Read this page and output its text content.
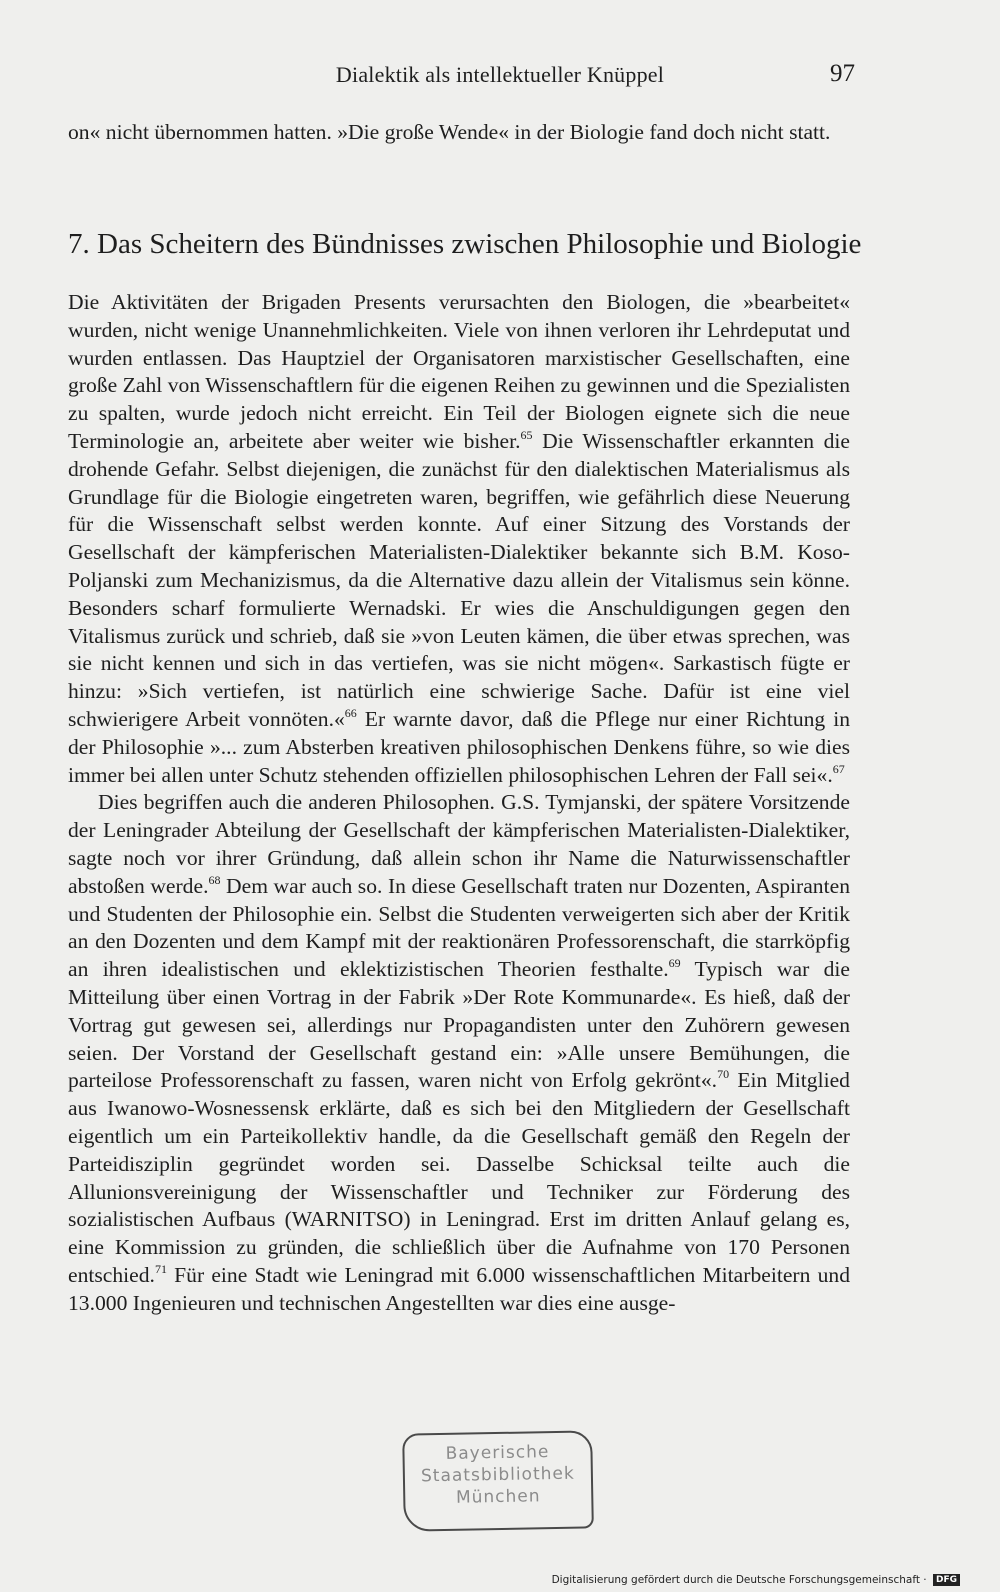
Dialektik als intellektueller Knüppel	97

on« nicht übernommen hatten. »Die große Wende« in der Biologie fand doch nicht statt.

7. Das Scheitern des Bündnisses zwischen Philosophie und Biologie

Die Aktivitäten der Brigaden Presents verursachten den Biologen, die »bearbeitet« wurden, nicht wenige Unannehmlichkeiten. Viele von ihnen verloren ihr Lehrdeputat und wurden entlassen. Das Hauptziel der Organisatoren marxistischer Gesellschaften, eine große Zahl von Wissenschaftlern für die eigenen Reihen zu gewinnen und die Spezialisten zu spalten, wurde jedoch nicht erreicht. Ein Teil der Biologen eignete sich die neue Terminologie an, arbeitete aber weiter wie bisher.$^{65}$ Die Wissenschaftler erkannten die drohende Gefahr. Selbst diejenigen, die zunächst für den dialektischen Materialismus als Grundlage für die Biologie eingetreten waren, begriffen, wie gefährlich diese Neuerung für die Wissenschaft selbst werden konnte. Auf einer Sitzung des Vorstands der Gesellschaft der kämpferischen Materialisten-Dialektiker bekannte sich B.M. Koso-Poljanski zum Mechanizismus, da die Alternative dazu allein der Vitalismus sein könne. Besonders scharf formulierte Wernadski. Er wies die Anschuldigungen gegen den Vitalismus zurück und schrieb, daß sie »von Leuten kämen, die über etwas sprechen, was sie nicht kennen und sich in das vertiefen, was sie nicht mögen«. Sarkastisch fügte er hinzu: »Sich vertiefen, ist natürlich eine schwierige Sache. Dafür ist eine viel schwierigere Arbeit vonnöten.«$^{66}$ Er warnte davor, daß die Pflege nur einer Richtung in der Philosophie »... zum Absterben kreativen philosophischen Denkens führe, so wie dies immer bei allen unter Schutz stehenden offiziellen philosophischen Lehren der Fall sei«.$^{67}$

Dies begriffen auch die anderen Philosophen. G.S. Tymjanski, der spätere Vorsitzende der Leningrader Abteilung der Gesellschaft der kämpferischen Materialisten-Dialektiker, sagte noch vor ihrer Gründung, daß allein schon ihr Name die Naturwissenschaftler abstoßen werde.$^{68}$ Dem war auch so. In diese Gesellschaft traten nur Dozenten, Aspiranten und Studenten der Philosophie ein. Selbst die Studenten verweigerten sich aber der Kritik an den Dozenten und dem Kampf mit der reaktionären Professorenschaft, die starrköpfig an ihren idealistischen und eklektizistischen Theorien festhalte.$^{69}$ Typisch war die Mitteilung über einen Vortrag in der Fabrik »Der Rote Kommunarde«. Es hieß, daß der Vortrag gut gewesen sei, allerdings nur Propagandisten unter den Zuhörern gewesen seien. Der Vorstand der Gesellschaft gestand ein: »Alle unsere Bemühungen, die parteilose Professorenschaft zu fassen, waren nicht von Erfolg gekrönt«.$^{70}$ Ein Mitglied aus Iwanowo-Wosnessensk erklärte, daß es sich bei den Mitgliedern der Gesellschaft eigentlich um ein Parteikollektiv handle, da die Gesellschaft gemäß den Regeln der Parteidisziplin gegründet worden sei. Dasselbe Schicksal teilte auch die Allunionsvereinigung der Wissenschaftler und Techniker zur Förderung des sozialistischen Aufbaus (WARNITSO) in Leningrad. Erst im dritten Anlauf gelang es, eine Kommission zu gründen, die schließlich über die Aufnahme von 170 Personen entschied.$^{71}$ Für eine Stadt wie Leningrad mit 6.000 wissenschaftlichen Mitarbeitern und 13.000 Ingenieuren und technischen Angestellten war dies eine ausge-

Bayerische
Staatsbibliothek
München
Digitalisierung gefördert durch die Deutsche Forschungsgemeinschaft · DFG
